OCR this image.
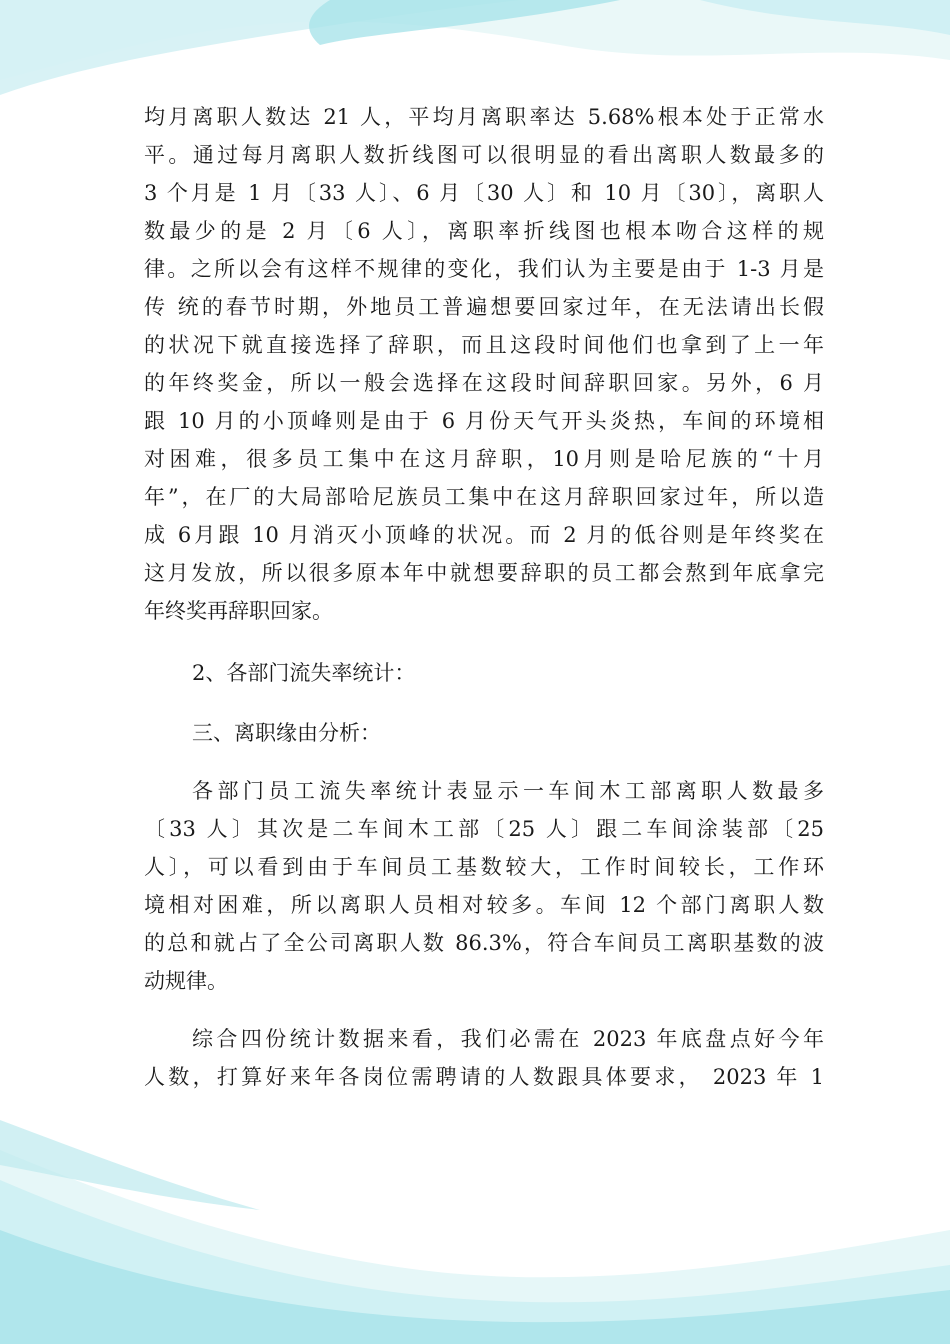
均月离职人数达 21 人，平均月离职率达 5.68%根本处于正常水
平。通过每月离职人数折线图可以很明显的看出离职人数最多的
3 个月是 1 月〔33 人〕、6 月〔30 人〕和 10 月〔30〕，离职人
数最少的是 2 月〔6 人〕，离职率折线图也根本吻合这样的规
律。之所以会有这样不规律的变化，我们认为主要是由于 1-3 月是
传 统的春节时期，外地员工普遍想要回家过年，在无法请出长假
的状况下就直接选择了辞职，而且这段时间他们也拿到了上一年
的年终奖金，所以一般会选择在这段时间辞职回家。另外，6 月
跟 10 月的小顶峰则是由于 6 月份天气开头炎热，车间的环境相
对困难，很多员工集中在这月辞职，10月则是哈尼族的“十月
年”，在厂的大局部哈尼族员工集中在这月辞职回家过年，所以造
成 6月跟 10 月消灭小顶峰的状况。而 2 月的低谷则是年终奖在
这月发放，所以很多原本年中就想要辞职的员工都会熬到年底拿完
年终奖再辞职回家。
2、各部门流失率统计：
三、离职缘由分析：
各部门员工流失率统计表显示一车间木工部离职人数最多
〔33 人〕其次是二车间木工部〔25 人〕跟二车间涂装部〔25
人〕，可以看到由于车间员工基数较大，工作时间较长，工作环
境相对困难，所以离职人员相对较多。车间 12 个部门离职人数
的总和就占了全公司离职人数 86.3%，符合车间员工离职基数的波
动规律。
综合四份统计数据来看，我们必需在 2023 年底盘点好今年
人数，打算好来年各岗位需聘请的人数跟具体要求， 2023 年 1
